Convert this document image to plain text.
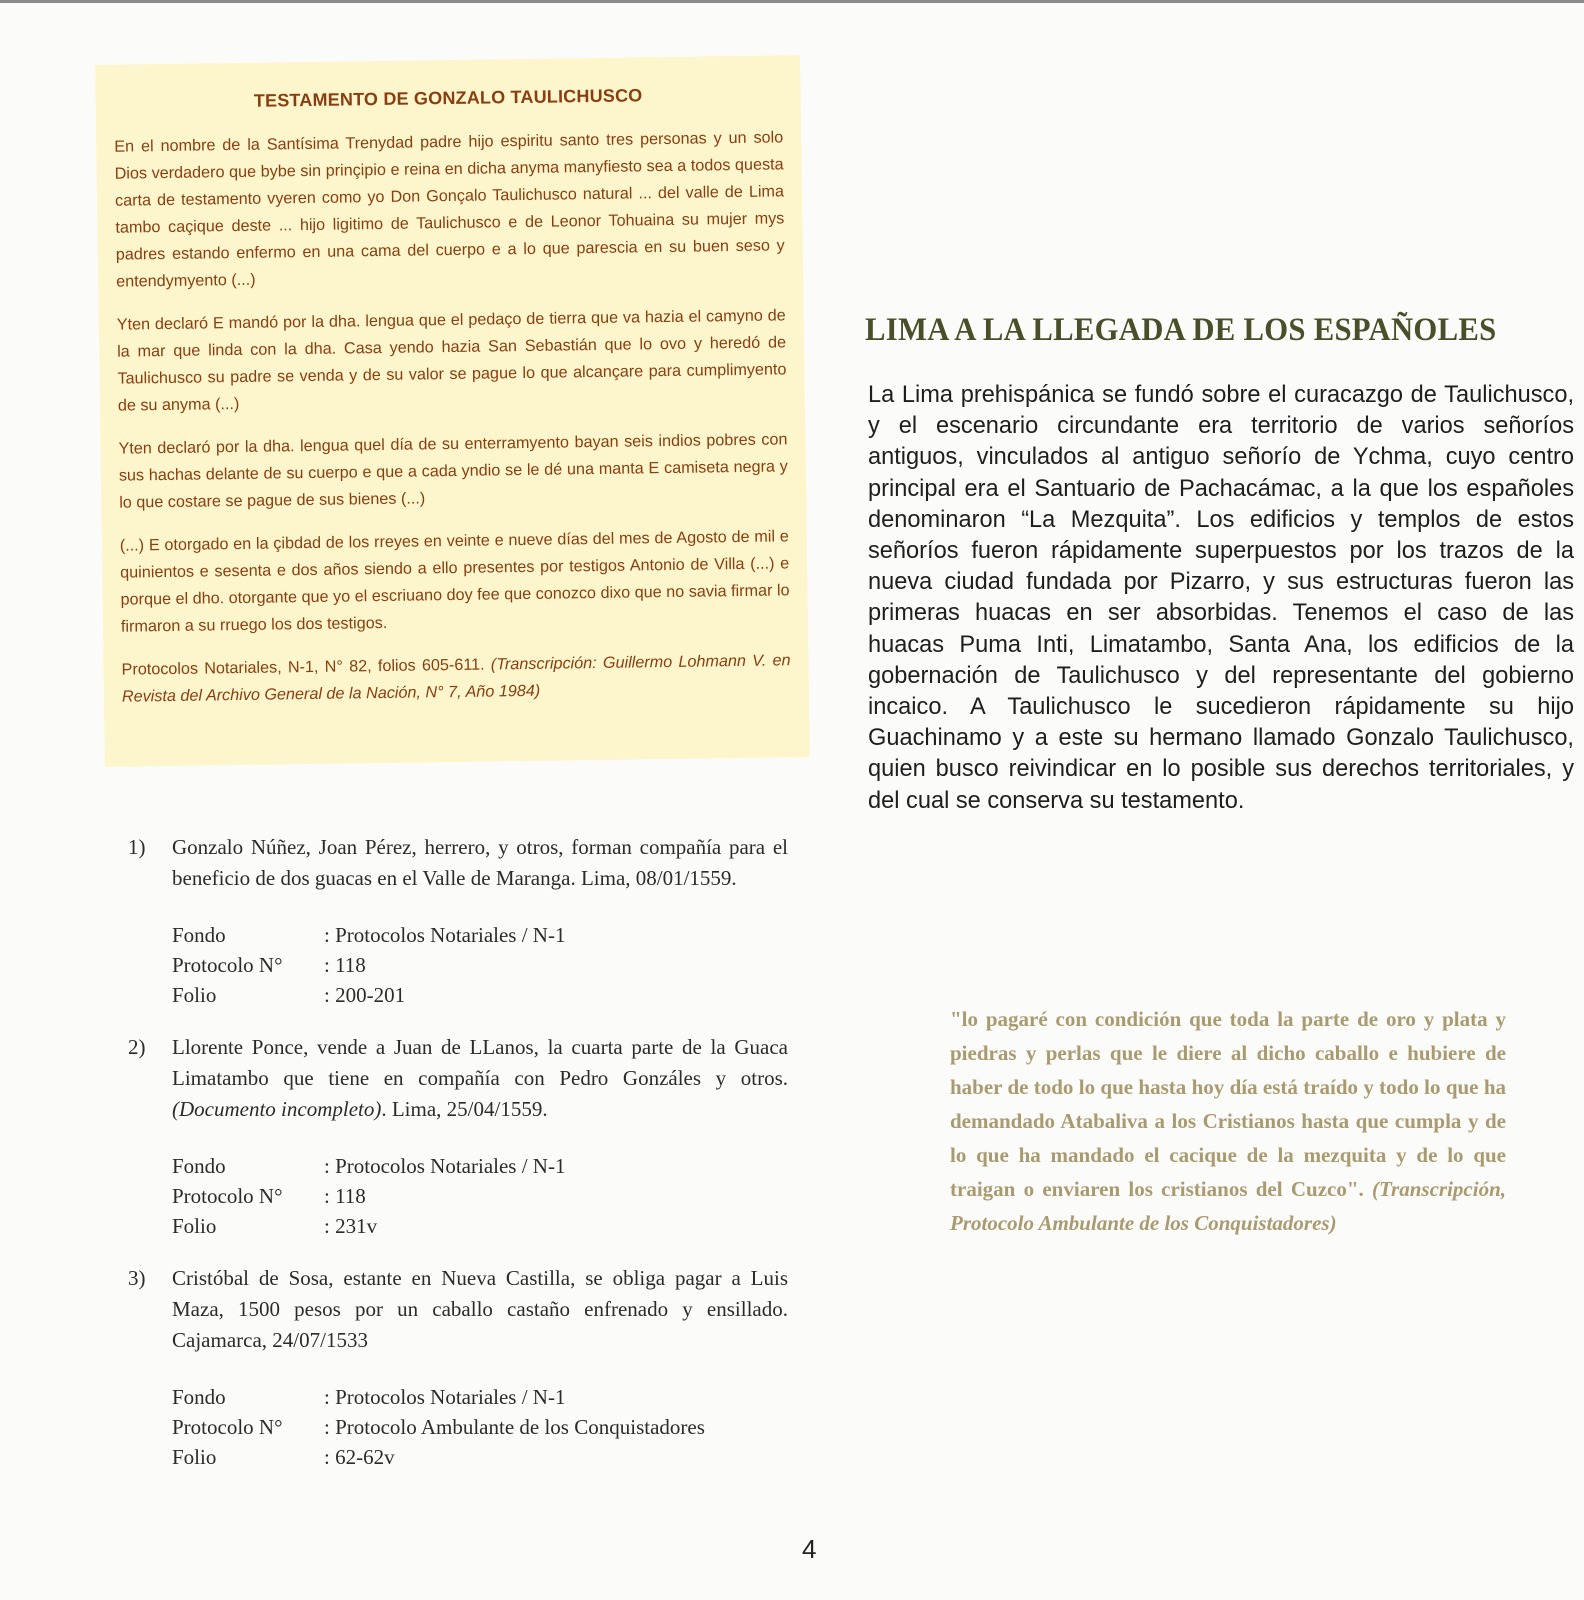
TESTAMENTO DE GONZALO TAULICHUSCO

En el nombre de la Santísima Trenydad padre hijo espiritu santo tres personas y un solo Dios verdadero que bybe sin prinçipio e reina en dicha anyma manyfiesto sea a todos questa carta de testamento vyeren como yo Don Gonçalo Taulichusco natural ... del valle de Lima tambo caçique deste ... hijo ligitimo de Taulichusco e de Leonor Tohuaina su mujer mys padres estando enfermo en una cama del cuerpo e a lo que parescia en su buen seso y entendymyento (...)

Yten declaró E mandó por la dha. lengua que el pedaço de tierra que va hazia el camyno de la mar que linda con la dha. Casa yendo hazia San Sebastián que lo ovo y heredó de Taulichusco su padre se venda y de su valor se pague lo que alcançare para cumplimyento de su anyma (...)

Yten declaró por la dha. lengua quel día de su enterramyento bayan seis indios pobres con sus hachas delante de su cuerpo e que a cada yndio se le dé una manta E camiseta negra y lo que costare se pague de sus bienes (...)

(...) E otorgado en la çibdad de los rreyes en veinte e nueve días del mes de Agosto de mil e quinientos e sesenta e dos años siendo a ello presentes por testigos Antonio de Villa (...) e porque el dho. otorgante que yo el escriuano doy fee que conozco dixo que no savia firmar lo firmaron a su rruego los dos testigos.

Protocolos Notariales, N-1, N° 82, folios 605-611. (Transcripción: Guillermo Lohmann V. en Revista del Archivo General de la Nación, N° 7, Año 1984)

1)	Gonzalo Núñez, Joan Pérez, herrero, y otros, forman compañía para el beneficio de dos guacas en el Valle de Maranga. Lima, 08/01/1559.
Fondo	: Protocolos Notariales / N-1
Protocolo N°	: 118
Folio	: 200-201
2)	Llorente Ponce, vende a Juan de LLanos, la cuarta parte de la Guaca Limatambo que tiene en compañía con Pedro Gonzáles y otros.(Documento incompleto). Lima, 25/04/1559.
Fondo	: Protocolos Notariales / N-1
Protocolo N°	: 118
Folio	: 231v
3)	Cristóbal de Sosa, estante en Nueva Castilla, se obliga pagar a Luis Maza, 1500 pesos por un caballo castaño enfrenado y ensillado. Cajamarca, 24/07/1533
Fondo	: Protocolos Notariales / N-1
Protocolo N°	: Protocolo Ambulante de los Conquistadores
Folio	: 62-62v
LIMA A LA LLEGADA DE LOS ESPAÑOLES

La Lima prehispánica se fundó sobre el curacazgo de Taulichusco, y el escenario circundante era territorio de varios señoríos antiguos, vinculados al antiguo señorío de Ychma, cuyo centro principal era el Santuario de Pachacámac, a la que los españoles denominaron “La Mezquita”. Los edificios y templos de estos señoríos fueron rápidamente superpuestos por los trazos de la nueva ciudad fundada por Pizarro, y sus estructuras fueron las primeras huacas en ser absorbidas. Tenemos el caso de las huacas Puma Inti, Limatambo, Santa Ana, los edificios de la gobernación de Taulichusco y del representante del gobierno incaico. A Taulichusco le sucedieron rápidamente su hijo Guachinamo y a este su hermano llamado Gonzalo Taulichusco, quien busco reivindicar en lo posible sus derechos territoriales, y del cual se conserva su testamento.

"lo pagaré con condición que toda la parte de oro y plata y piedras y perlas que le diere al dicho caballo e hubiere de haber de todo lo que hasta hoy día está traído y todo lo que ha demandado Atabaliva a los Cristianos hasta que cumpla y de lo que ha mandado el cacique de la mezquita y de lo que traigan o enviaren los cristianos del Cuzco". (Transcripción, Protocolo Ambulante de los Conquistadores)

4
